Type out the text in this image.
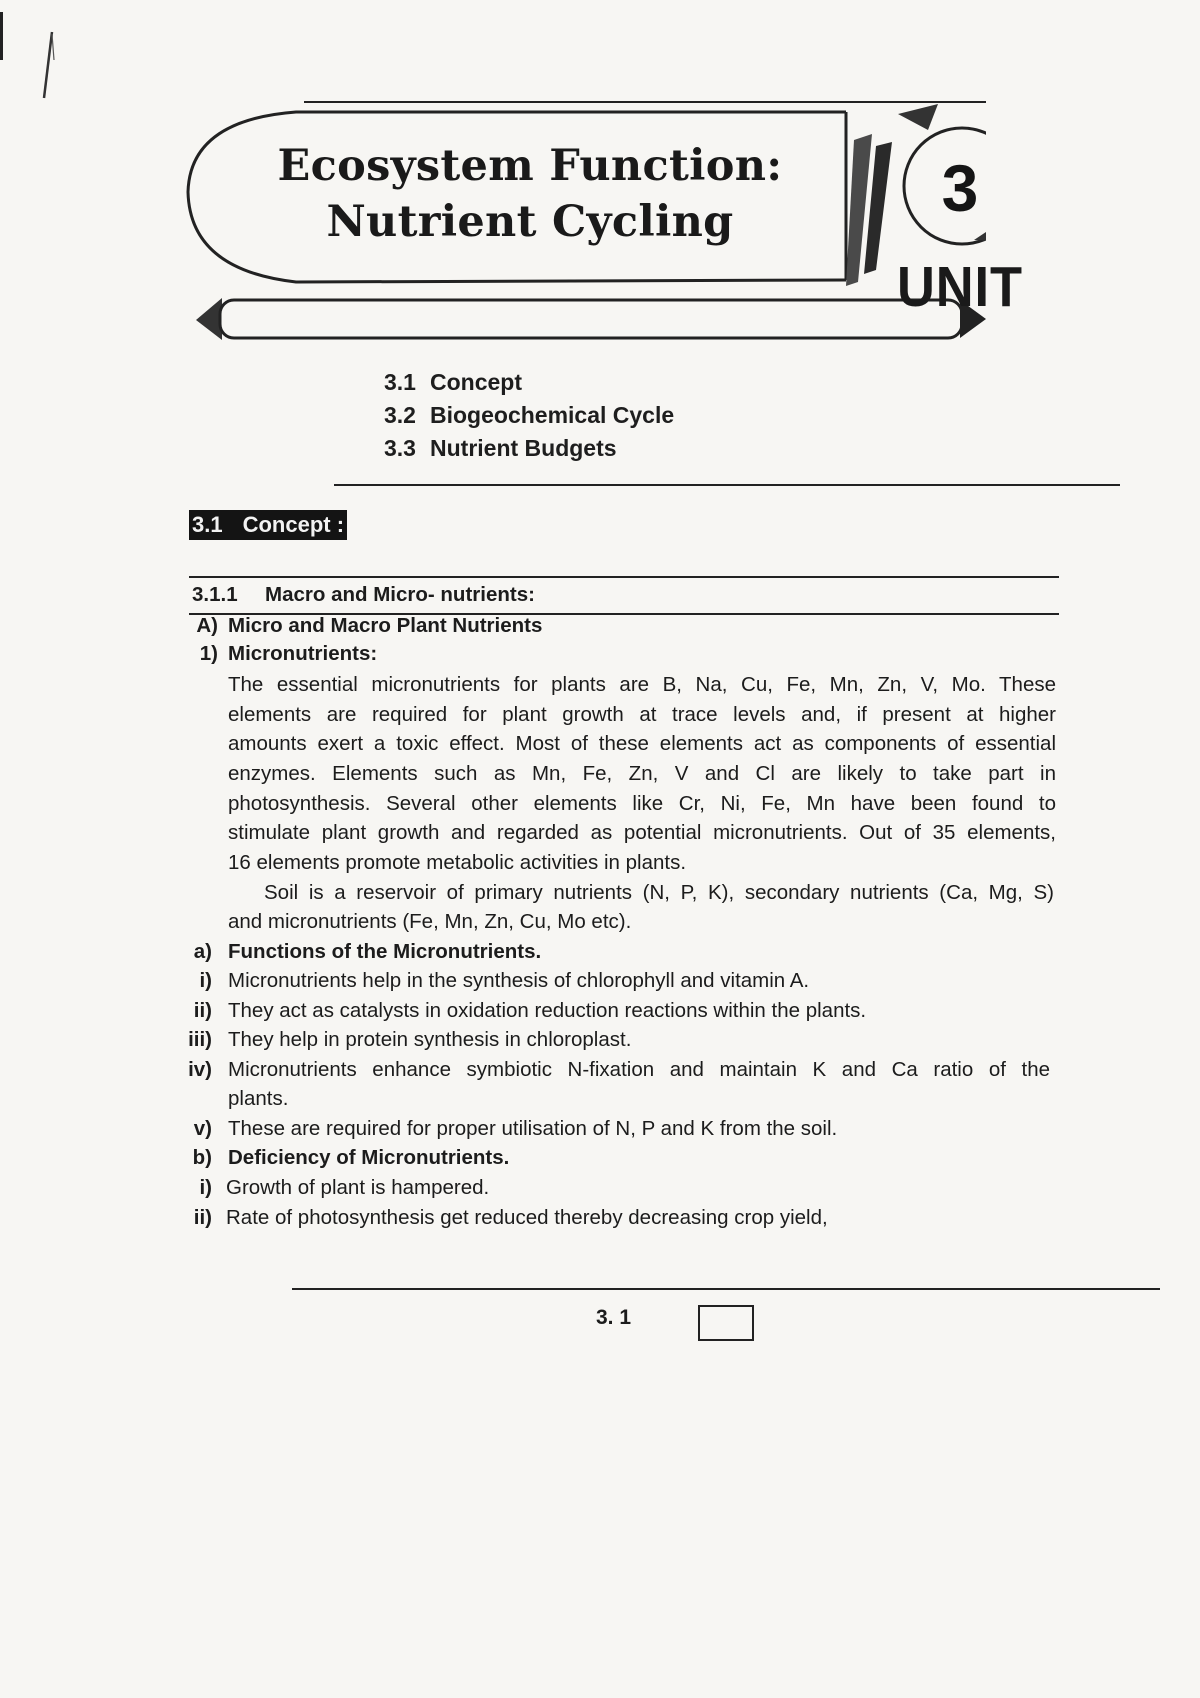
Ecosystem Function:
Nutrient Cycling	3
UNIT
3.1 Concept
3.2 Biogeochemical Cycle
3.3 Nutrient Budgets
3.1 Concept :
3.1.1 Macro and Micro- nutrients:
A) Micro and Macro Plant Nutrients
1) Micronutrients:
The essential micronutrients for plants are B, Na, Cu, Fe, Mn, Zn, V, Mo. These
elements are required for plant growth at trace levels and, if present at higher
amounts exert a toxic effect. Most of these elements act as components of essential
enzymes. Elements such as Mn, Fe, Zn, V and Cl are likely to take part in
photosynthesis. Several other elements like Cr, Ni, Fe, Mn have been found to
stimulate plant growth and regarded as potential micronutrients. Out of 35 elements,
16 elements promote metabolic activities in plants.
Soil is a reservoir of primary nutrients (N, P, K), secondary nutrients (Ca, Mg, S)
and micronutrients (Fe, Mn, Zn, Cu, Mo etc).
a) Functions of the Micronutrients.
i) Micronutrients help in the synthesis of chlorophyll and vitamin A.
ii) They act as catalysts in oxidation reduction reactions within the plants.
iii) They help in protein synthesis in chloroplast.
iv) Micronutrients enhance symbiotic N-fixation and maintain K and Ca ratio of the
plants.
v) These are required for proper utilisation of N, P and K from the soil.
b) Deficiency of Micronutrients.
i) Growth of plant is hampered.
ii) Rate of photosynthesis get reduced thereby decreasing crop yield,
3. 1
